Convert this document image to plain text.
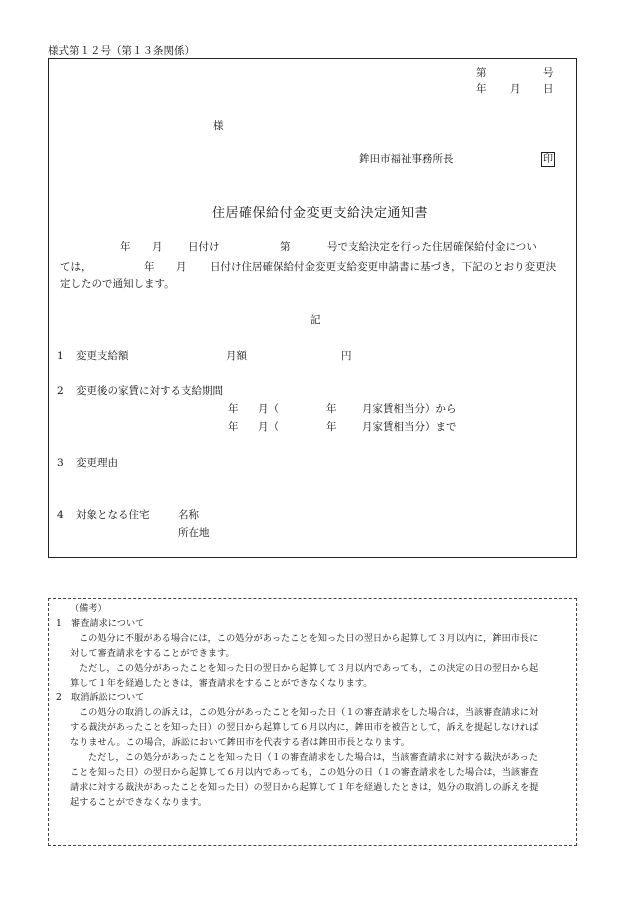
様式第１２号（第１３条関係）
第	号
年 月 日
様
鉾田市福祉事務所長	印
住居確保給付金変更支給決定通知書
年 月 日付け	第	号で支給決定を行った住居確保給付金につい
ては，	年 月 日付け住居確保給付金変更支給変更申請書に基づき，下記のとおり変更決
定したので通知します。
記
1 変更支給額	月額	円
2 変更後の家賃に対する支給期間
年 月（	年 月家賃相当分）から
年 月（	年 月家賃相当分）まで
3 変更理由
4 対象となる住宅	名称
所在地
（備考）
1　審査請求について
この処分に不服がある場合には，この処分があったことを知った日の翌日から起算して３月以内に，鉾田市長に
対して審査請求をすることができます。
ただし，この処分があったことを知った日の翌日から起算して３月以内であっても，この決定の日の翌日から起
算して１年を経過したときは，審査請求をすることができなくなります。
2　取消訴訟について
この処分の取消しの訴えは，この処分があったことを知った日（１の審査請求をした場合は，当該審査請求に対
する裁決があったことを知った日）の翌日から起算して６月以内に，鉾田市を被告として，訴えを提起しなければ
なりません。この場合，訴訟において鉾田市を代表する者は鉾田市長となります。
ただし，この処分があったことを知った日（１の審査請求をした場合は，当該審査請求に対する裁決があった
ことを知った日）の翌日から起算して６月以内であっても，この処分の日（１の審査請求をした場合は，当該審査
請求に対する裁決があったことを知った日）の翌日から起算して１年を経過したときは，処分の取消しの訴えを提
起することができなくなります。
